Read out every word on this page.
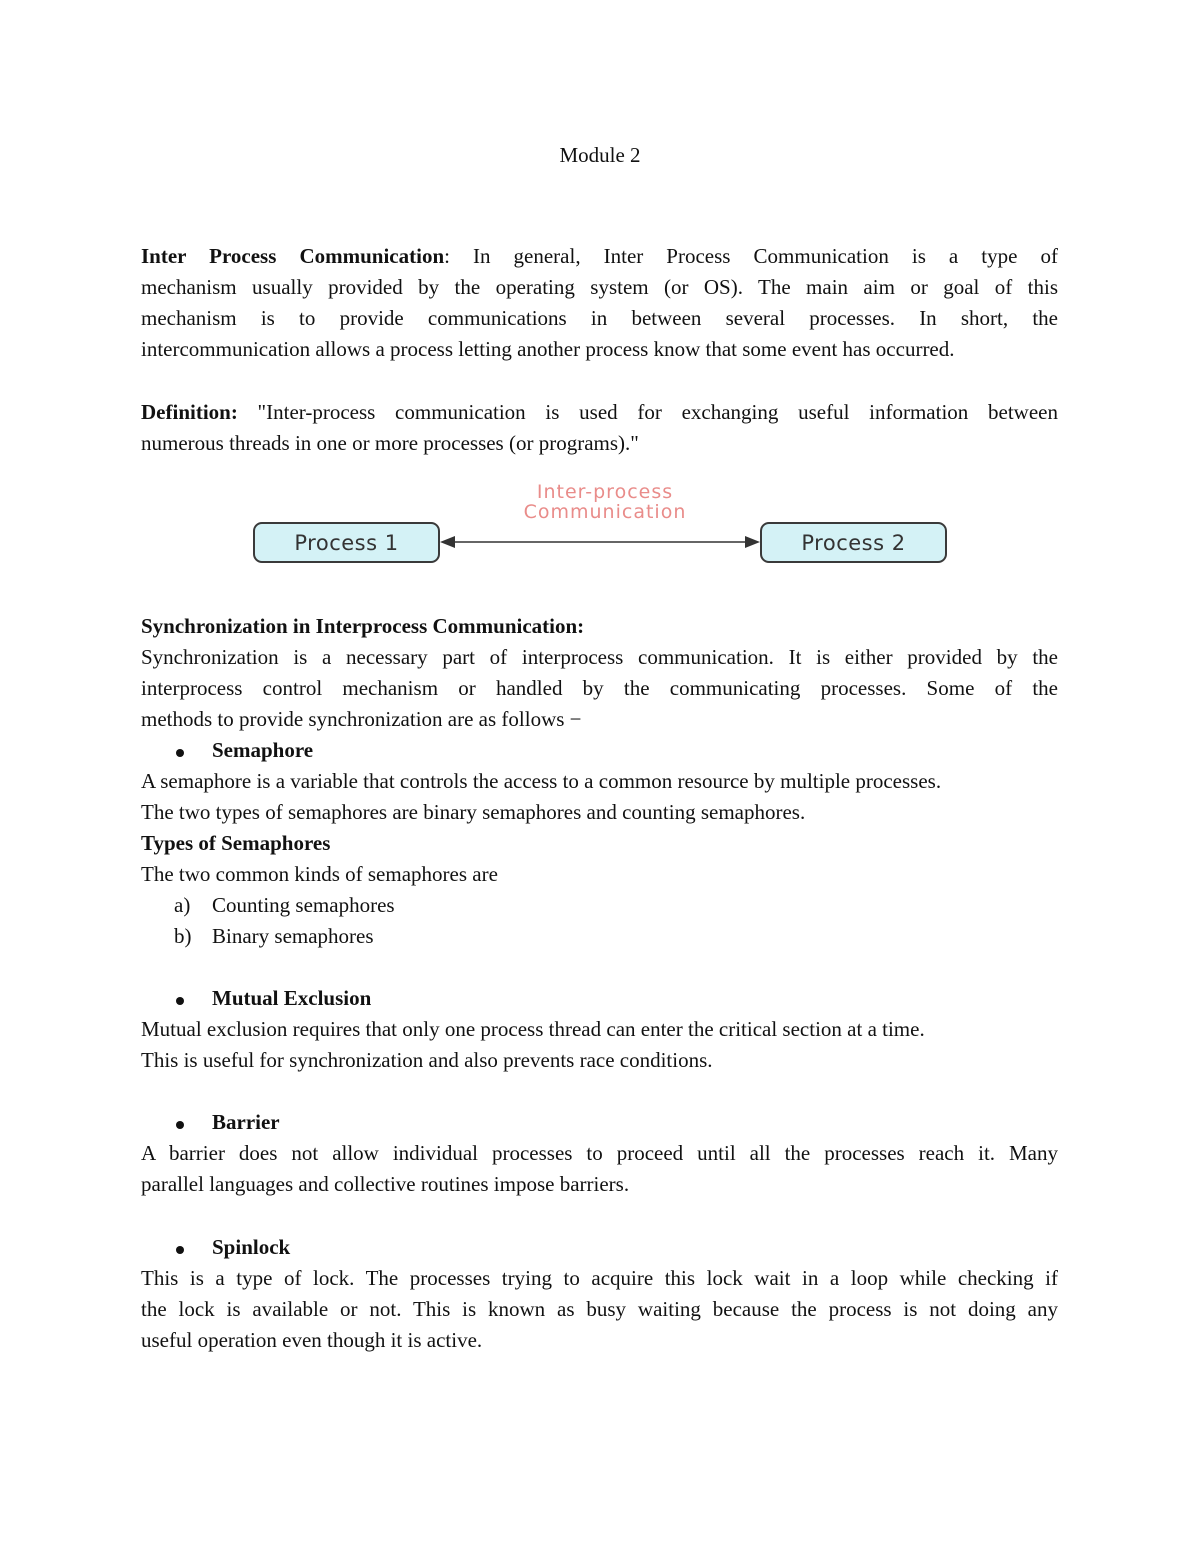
Module 2
Inter Process Communication: In general, Inter Process Communication is a type of
mechanism usually provided by the operating system (or OS). The main aim or goal of this
mechanism is to provide communications in between several processes. In short, the
intercommunication allows a process letting another process know that some event has occurred.
Definition: "Inter-process communication is used for exchanging useful information between
numerous threads in one or more processes (or programs)."
Inter-process
Communication
Process 1	Process 2
Synchronization in Interprocess Communication:
Synchronization is a necessary part of interprocess communication. It is either provided by the
interprocess control mechanism or handled by the communicating processes. Some of the
methods to provide synchronization are as follows −
Semaphore
A semaphore is a variable that controls the access to a common resource by multiple processes.
The two types of semaphores are binary semaphores and counting semaphores.
Types of Semaphores
The two common kinds of semaphores are
a) Counting semaphores
b) Binary semaphores
Mutual Exclusion
Mutual exclusion requires that only one process thread can enter the critical section at a time.
This is useful for synchronization and also prevents race conditions.
Barrier
A barrier does not allow individual processes to proceed until all the processes reach it. Many
parallel languages and collective routines impose barriers.
Spinlock
This is a type of lock. The processes trying to acquire this lock wait in a loop while checking if
the lock is available or not. This is known as busy waiting because the process is not doing any
useful operation even though it is active.
